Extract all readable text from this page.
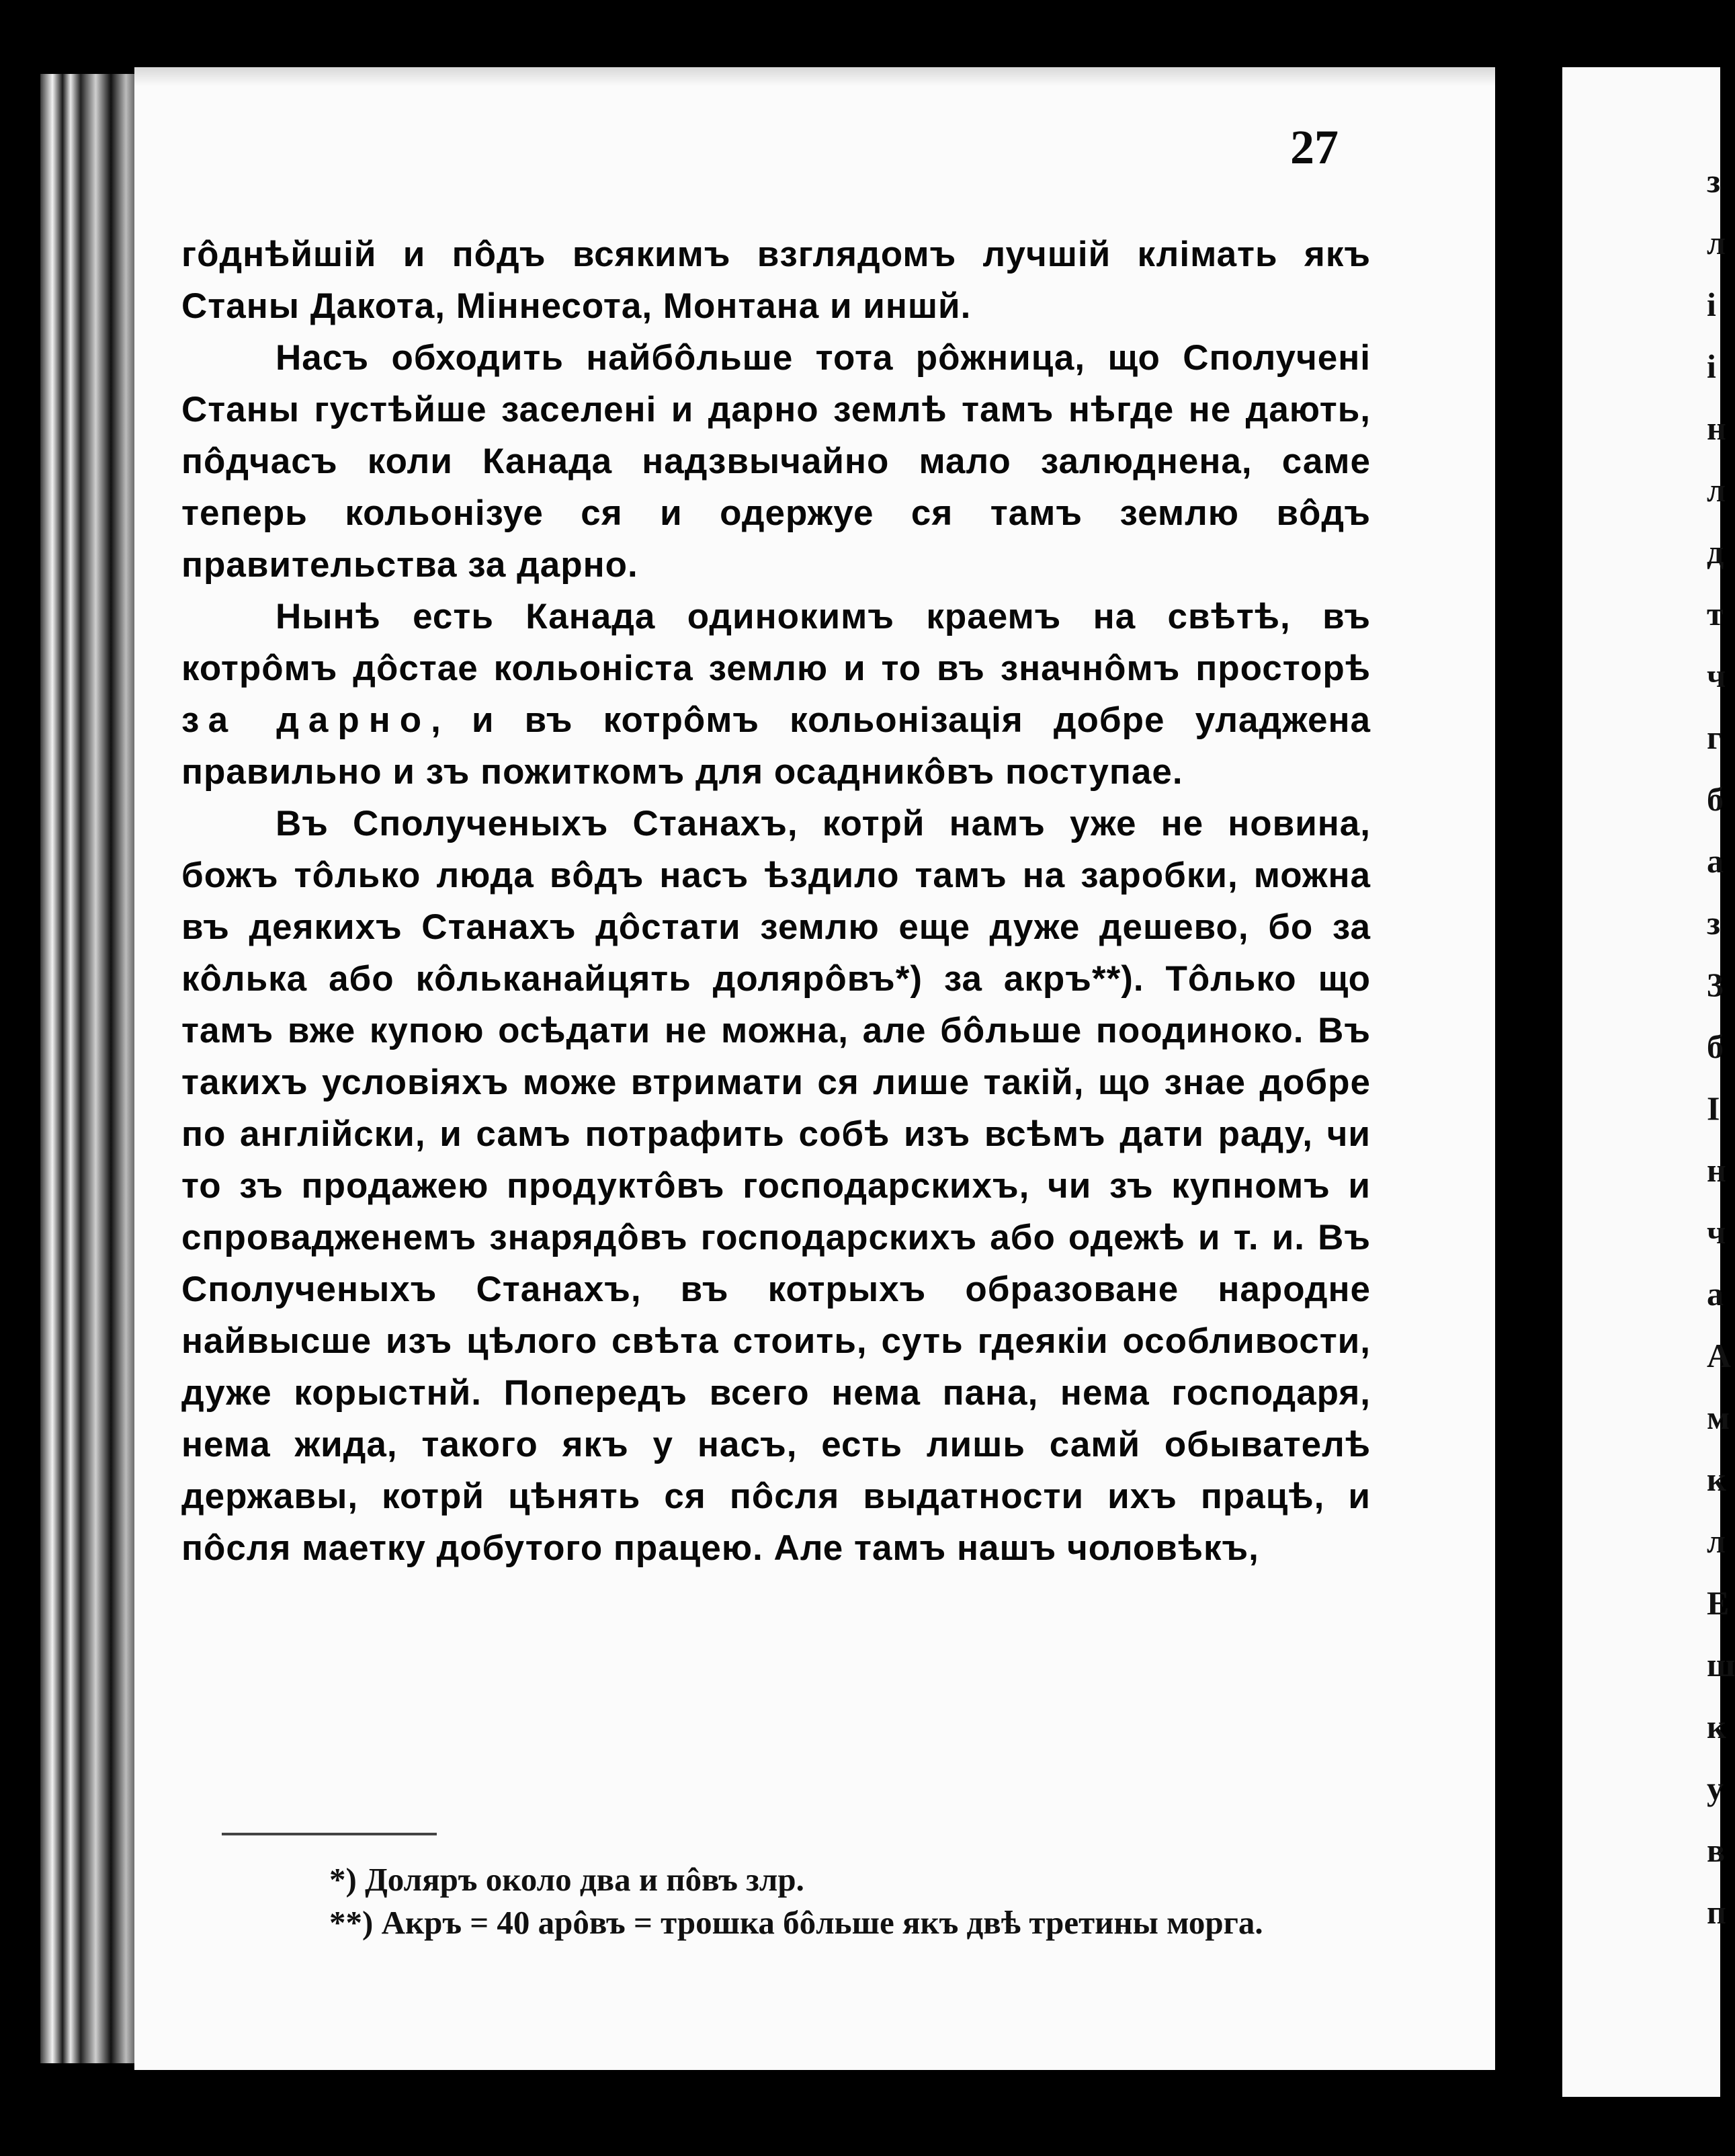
з
л
і
і
н
л
д
т
ч
г
б
а
з
3
б
I
н
ч
а
А
м
к
л
E
ш
к
у
в
п
27

гôднѣйшій и пôдъ всякимъ взглядомъ лучшій клімать якъ Станы Дакота, Міннесота, Монтана и иншй.

Насъ обходить найбôльше тота рôжница, що Сполучені Станы густѣйше заселені и дарно землѣ тамъ нѣгде не дають, пôдчасъ коли Канада надзвычайно мало залюднена, саме теперь кольонізуе ся и одержуе ся тамъ землю вôдъ правительства за дарно.

Нынѣ есть Канада одинокимъ краемъ на свѣтѣ, въ котрôмъ дôстае кольоніста землю и то въ значнôмъ просторѣ за дарно, и въ котрôмъ кольонізація добре уладжена правильно и зъ пожиткомъ для осадникôвъ поступае.

Въ Сполученыхъ Станахъ, котрй намъ уже не новина, божъ тôлько люда вôдъ насъ ѣздило тамъ на заробки, можна въ деякихъ Станахъ дôстати землю еще дуже дешево, бо за кôлька або кôльканайцять долярôвъ*) за акръ**). Тôлько що тамъ вже купою осѣдати не можна, але бôльше поодиноко. Въ такихъ условіяхъ може втримати ся лише такій, що знае добре по англійски, и самъ потрафить собѣ изъ всѣмъ дати раду, чи то зъ продажею продуктôвъ господарскихъ, чи зъ купномъ и спровадженемъ знарядôвъ господарскихъ або одежѣ и т. и. Въ Сполученыхъ Станахъ, въ котрыхъ образоване народне найвысше изъ цѣлого свѣта стоить, суть гдеякіи особливости, дуже корыстнй. Попередъ всего нема пана, нема господаря, нема жида, такого якъ у насъ, есть лишь самй обывателѣ державы, котрй цѣнять ся пôсля выдатности ихъ працѣ, и пôсля маетку добутого працею. Але тамъ нашъ чоловѣкъ,

*) Доляръ около два и пôвъ злр.

**) Акръ = 40 арôвъ = трошка бôльше якъ двѣ третины морга.
